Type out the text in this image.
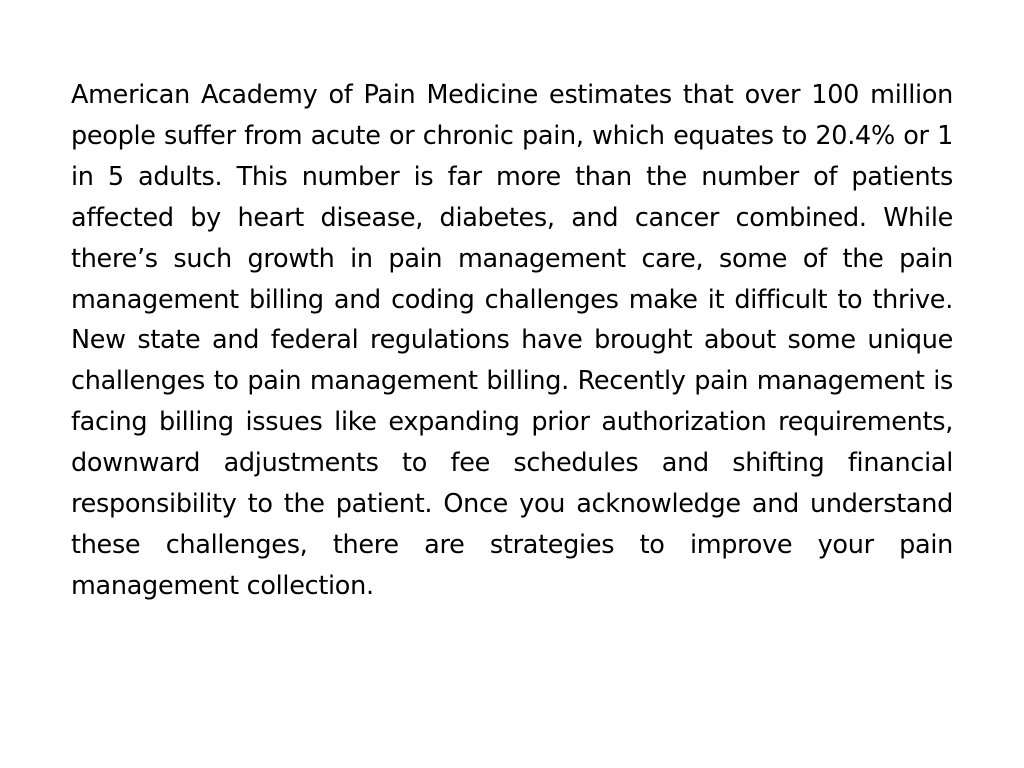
American Academy of Pain Medicine estimates that over 100 million people suffer from acute or chronic pain, which equates to 20.4% or 1 in 5 adults. This number is far more than the number of patients affected by heart disease, diabetes, and cancer combined. While there’s such growth in pain management care, some of the pain management billing and coding challenges make it difficult to thrive. New state and federal regulations have brought about some unique challenges to pain management billing. Recently pain management is facing billing issues like expanding prior authorization requirements, downward adjustments to fee schedules and shifting financial responsibility to the patient. Once you acknowledge and understand these challenges, there are strategies to improve your pain management collection.
